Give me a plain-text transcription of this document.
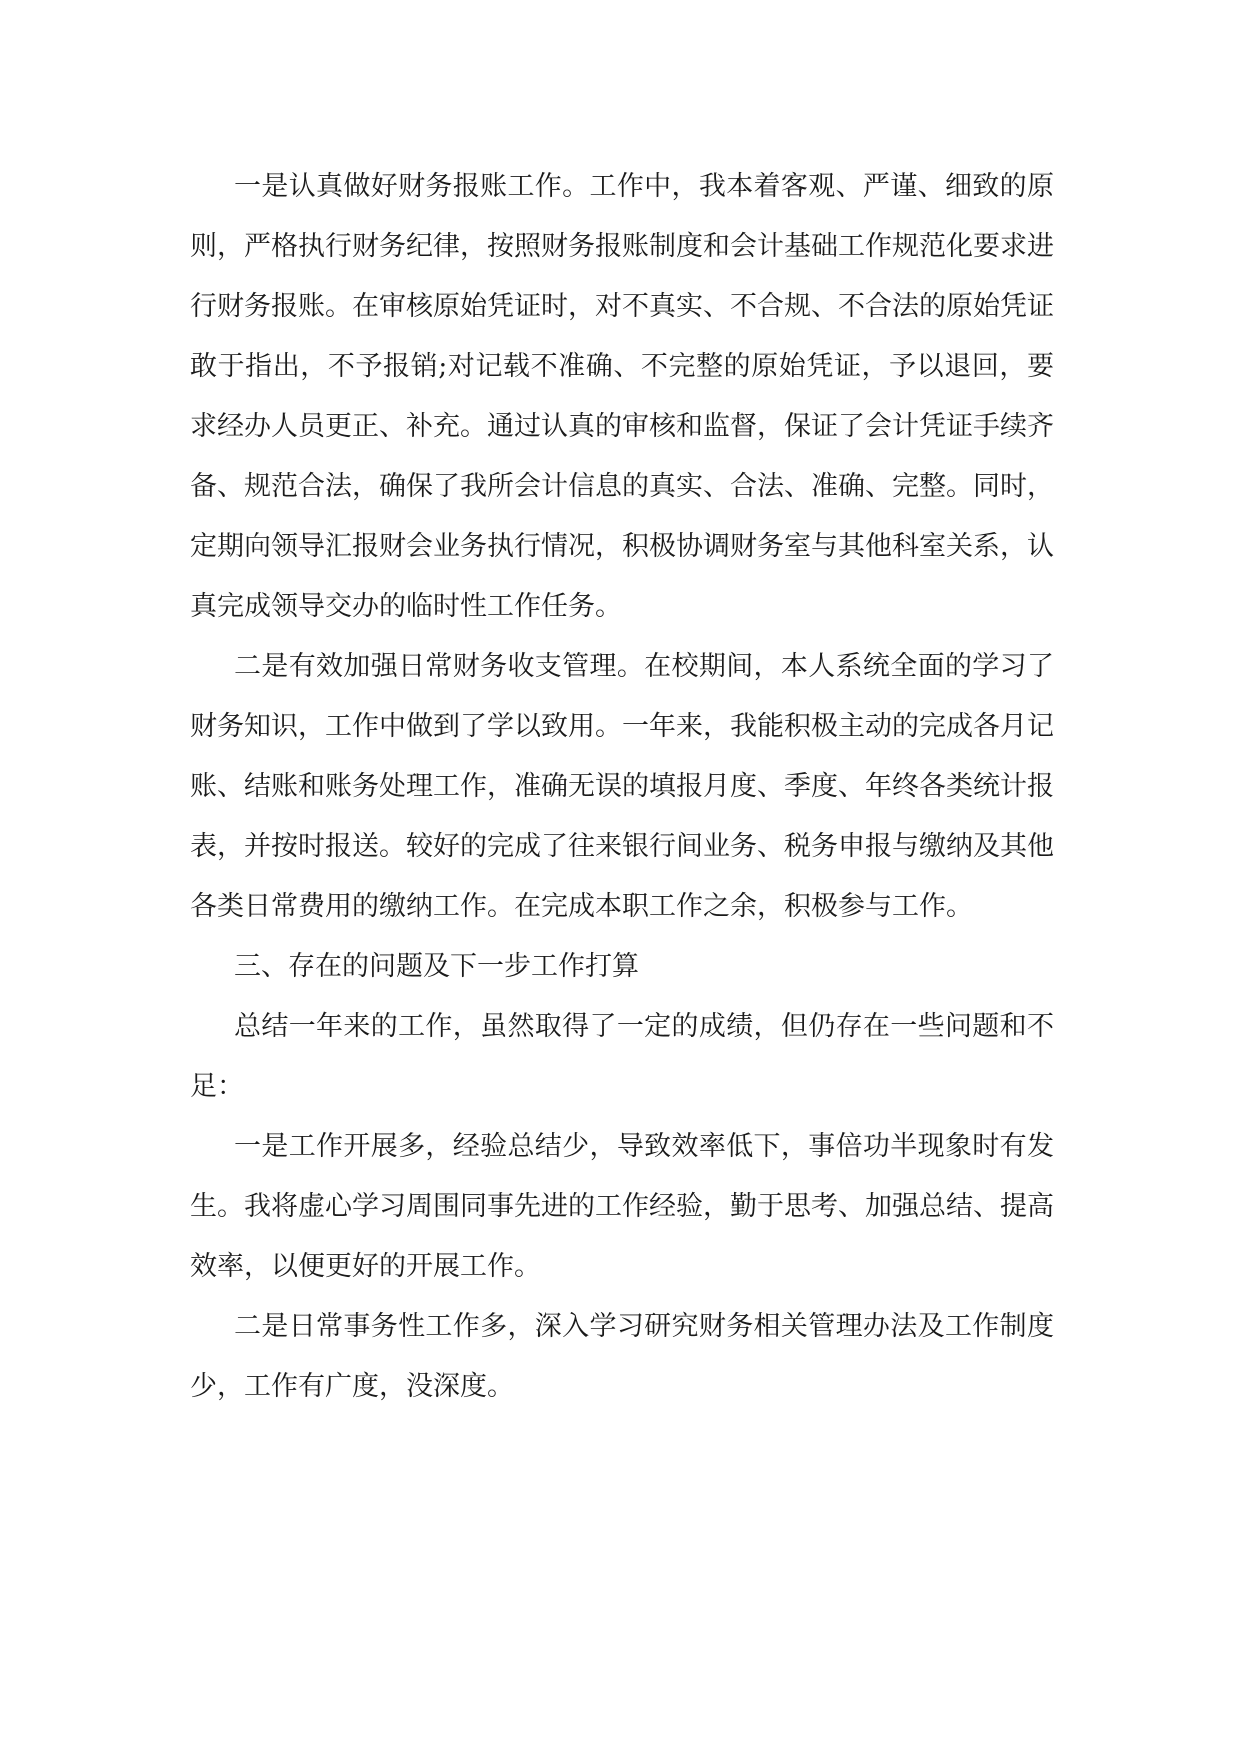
一是认真做好财务报账工作。工作中，我本着客观、严谨、细致的原则，严格执行财务纪律，按照财务报账制度和会计基础工作规范化要求进行财务报账。在审核原始凭证时，对不真实、不合规、不合法的原始凭证敢于指出，不予报销;对记载不准确、不完整的原始凭证，予以退回，要求经办人员更正、补充。通过认真的审核和监督，保证了会计凭证手续齐备、规范合法，确保了我所会计信息的真实、合法、准确、完整。同时，定期向领导汇报财会业务执行情况，积极协调财务室与其他科室关系，认真完成领导交办的临时性工作任务。

二是有效加强日常财务收支管理。在校期间，本人系统全面的学习了财务知识，工作中做到了学以致用。一年来，我能积极主动的完成各月记账、结账和账务处理工作，准确无误的填报月度、季度、年终各类统计报表，并按时报送。较好的完成了往来银行间业务、税务申报与缴纳及其他各类日常费用的缴纳工作。在完成本职工作之余，积极参与工作。

三、存在的问题及下一步工作打算

总结一年来的工作，虽然取得了一定的成绩，但仍存在一些问题和不足：

一是工作开展多，经验总结少，导致效率低下，事倍功半现象时有发生。我将虚心学习周围同事先进的工作经验，勤于思考、加强总结、提高效率，以便更好的开展工作。

二是日常事务性工作多，深入学习研究财务相关管理办法及工作制度少，工作有广度，没深度。
